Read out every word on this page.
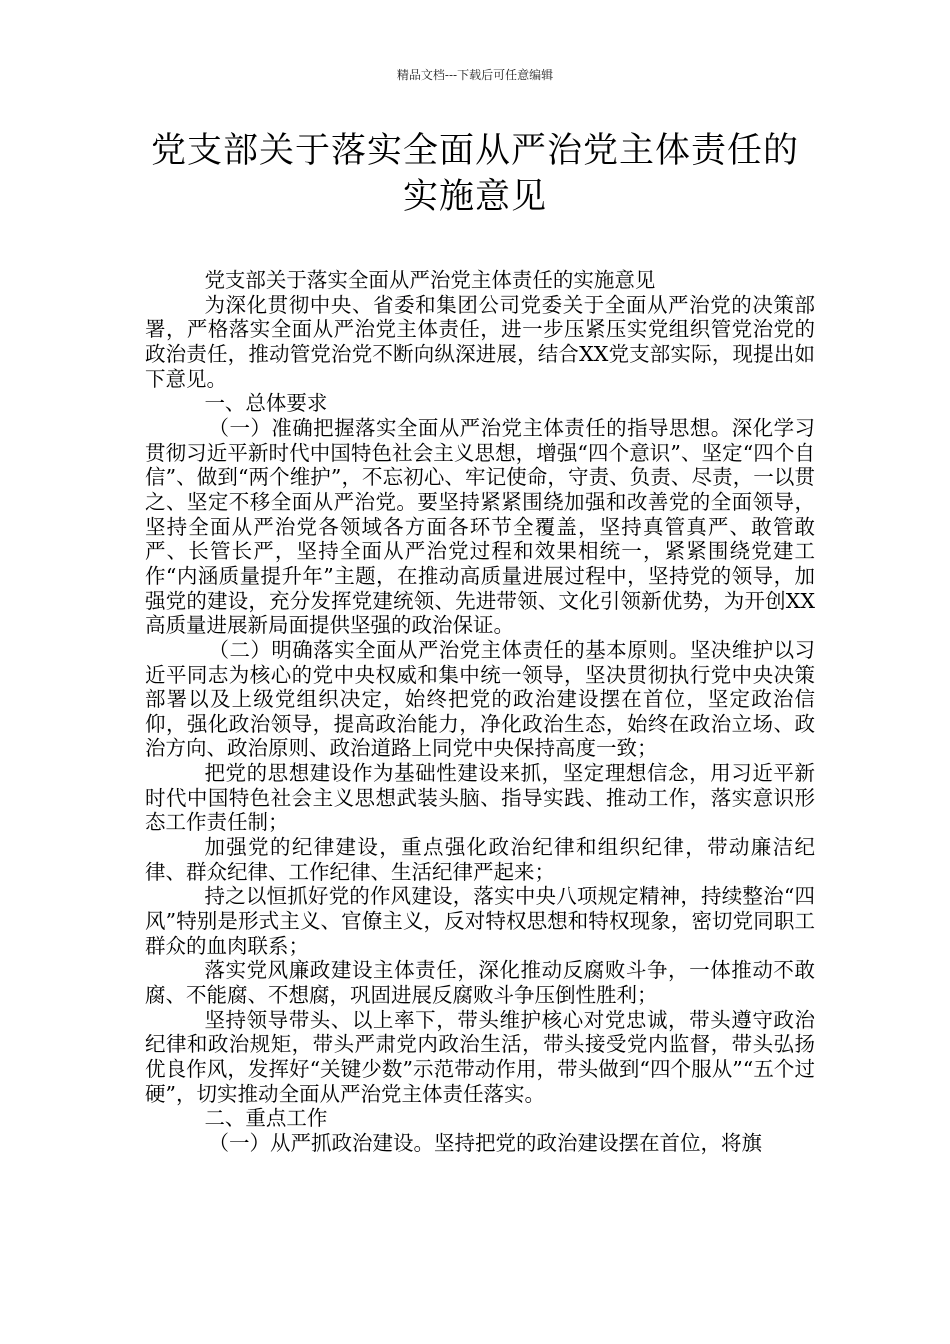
精品文档---下载后可任意编辑
党支部关于落实全面从严治党主体责任的
实施意见

党支部关于落实全面从严治党主体责任的实施意见

为深化贯彻中央、省委和集团公司党委关于全面从严治党的决策部署，严格落实全面从严治党主体责任，进一步压紧压实党组织管党治党的政治责任，推动管党治党不断向纵深进展，结合XX党支部实际，现提出如下意见。

一、总体要求

（一）准确把握落实全面从严治党主体责任的指导思想。深化学习贯彻习近平新时代中国特色社会主义思想，增强“四个意识”、坚定“四个自信”、做到“两个维护”，不忘初心、牢记使命，守责、负责、尽责，一以贯之、坚定不移全面从严治党。要坚持紧紧围绕加强和改善党的全面领导，坚持全面从严治党各领域各方面各环节全覆盖，坚持真管真严、敢管敢严、长管长严，坚持全面从严治党过程和效果相统一，紧紧围绕党建工作“内涵质量提升年”主题，在推动高质量进展过程中，坚持党的领导，加强党的建设，充分发挥党建统领、先进带领、文化引领新优势，为开创XX高质量进展新局面提供坚强的政治保证。

（二）明确落实全面从严治党主体责任的基本原则。坚决维护以习近平同志为核心的党中央权威和集中统一领导，坚决贯彻执行党中央决策部署以及上级党组织决定，始终把党的政治建设摆在首位，坚定政治信仰，强化政治领导，提高政治能力，净化政治生态，始终在政治立场、政治方向、政治原则、政治道路上同党中央保持高度一致；

把党的思想建设作为基础性建设来抓，坚定理想信念，用习近平新时代中国特色社会主义思想武装头脑、指导实践、推动工作，落实意识形态工作责任制；

加强党的纪律建设，重点强化政治纪律和组织纪律，带动廉洁纪律、群众纪律、工作纪律、生活纪律严起来；

持之以恒抓好党的作风建设，落实中央八项规定精神，持续整治“四风”特别是形式主义、官僚主义，反对特权思想和特权现象，密切党同职工群众的血肉联系；

落实党风廉政建设主体责任，深化推动反腐败斗争，一体推动不敢腐、不能腐、不想腐，巩固进展反腐败斗争压倒性胜利；

坚持领导带头、以上率下，带头维护核心对党忠诚，带头遵守政治纪律和政治规矩，带头严肃党内政治生活，带头接受党内监督，带头弘扬优良作风，发挥好“关键少数”示范带动作用，带头做到“四个服从”“五个过硬”，切实推动全面从严治党主体责任落实。

二、重点工作

（一）从严抓政治建设。坚持把党的政治建设摆在首位，将旗
